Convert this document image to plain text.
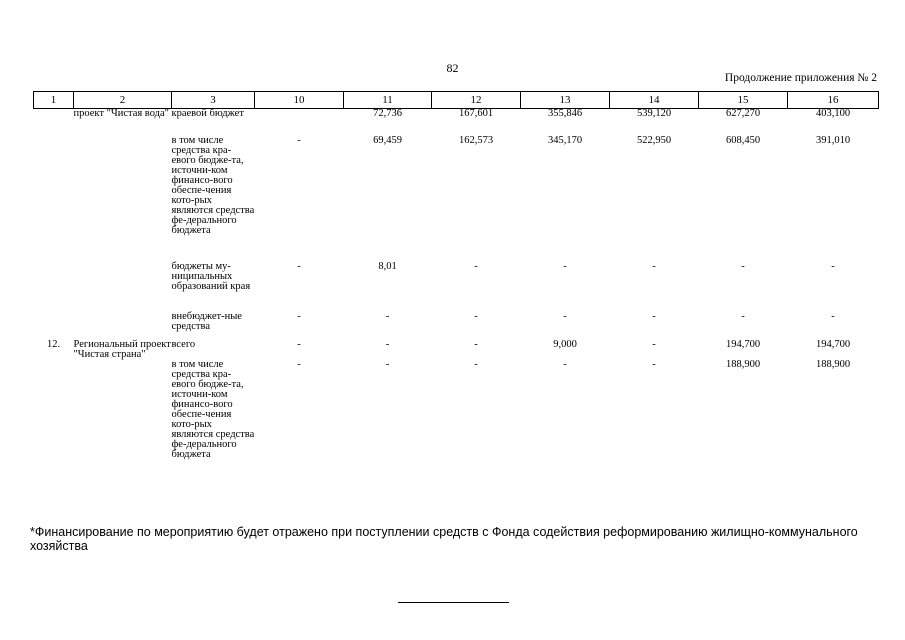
82
Продолжение приложения № 2
1	2	3	10	11	12	13	14	15	16
	проект "Чистая вода"	краевой бюджет		72,736	167,601	355,846	539,120	627,270	403,100
		в том числе средства кра-евого бюдже-та, источни-ком финансо-вого обеспе-чения кото-рых являются средства фе-дерального бюджета	-	69,459	162,573	345,170	522,950	608,450	391,010
		бюджеты му-ниципальных образований края	-	8,01	-	-	-	-	-
		внебюджет-ные средства	-	-	-	-	-	-	-
12.	Региональный проект "Чистая страна"	всего	-	-	-	9,000	-	194,700	194,700
		в том числе средства кра-евого бюдже-та, источни-ком финансо-вого обеспе-чения кото-рых являются средства фе-дерального бюджета	-	-	-	-	-	188,900	188,900
*Финансирование по мероприятию будет отражено при поступлении средств с Фонда содействия реформированию жилищно-коммунального хозяйства
